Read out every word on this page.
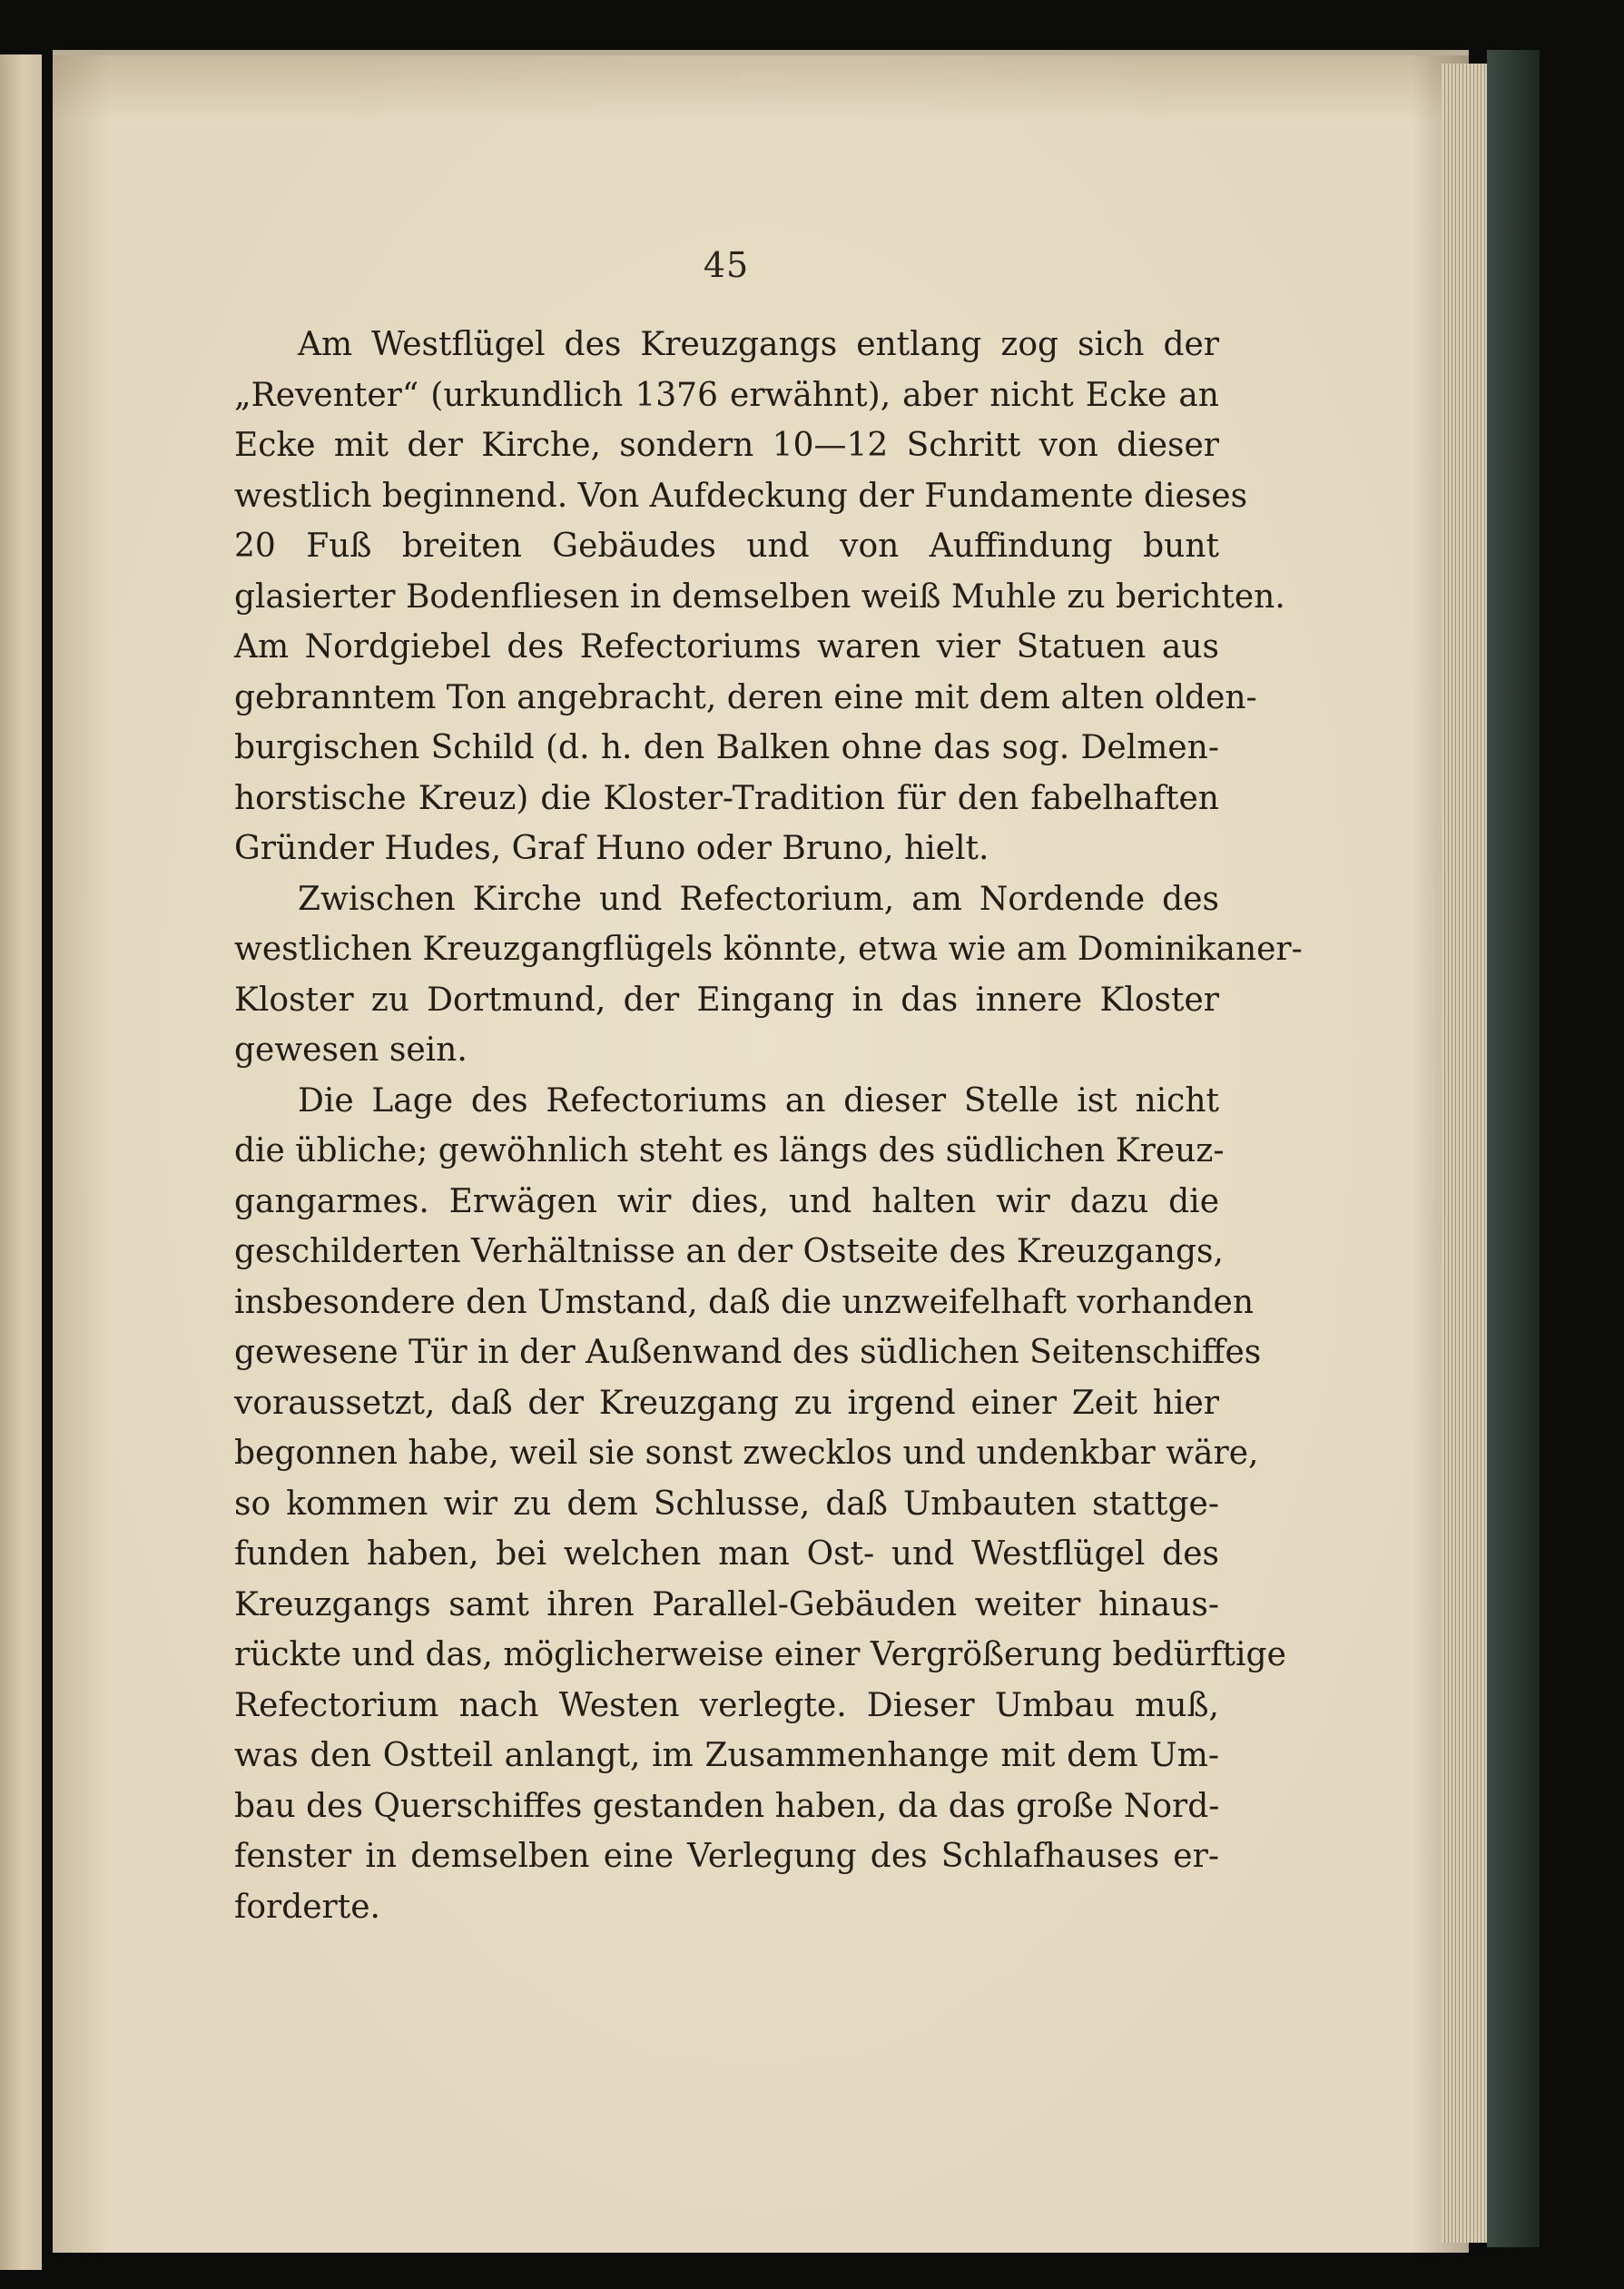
45
Am Westflügel des Kreuzgangs entlang zog sich der
„Reventer“ (urkundlich 1376 erwähnt), aber nicht Ecke an
Ecke mit der Kirche, sondern 10—12 Schritt von dieser
westlich beginnend. Von Aufdeckung der Fundamente dieses
20 Fuß breiten Gebäudes und von Auffindung bunt
glasierter Bodenfliesen in demselben weiß Muhle zu berichten.
Am Nordgiebel des Refectoriums waren vier Statuen aus
gebranntem Ton angebracht, deren eine mit dem alten olden-
burgischen Schild (d. h. den Balken ohne das sog. Delmen-
horstische Kreuz) die Kloster-Tradition für den fabelhaften
Gründer Hudes, Graf Huno oder Bruno, hielt.
Zwischen Kirche und Refectorium, am Nordende des
westlichen Kreuzgangflügels könnte, etwa wie am Dominikaner-
Kloster zu Dortmund, der Eingang in das innere Kloster
gewesen sein.
Die Lage des Refectoriums an dieser Stelle ist nicht
die übliche; gewöhnlich steht es längs des südlichen Kreuz-
gangarmes. Erwägen wir dies, und halten wir dazu die
geschilderten Verhältnisse an der Ostseite des Kreuzgangs,
insbesondere den Umstand, daß die unzweifelhaft vorhanden
gewesene Tür in der Außenwand des südlichen Seitenschiffes
voraussetzt, daß der Kreuzgang zu irgend einer Zeit hier
begonnen habe, weil sie sonst zwecklos und undenkbar wäre,
so kommen wir zu dem Schlusse, daß Umbauten stattge-
funden haben, bei welchen man Ost- und Westflügel des
Kreuzgangs samt ihren Parallel-Gebäuden weiter hinaus-
rückte und das, möglicherweise einer Vergrößerung bedürftige
Refectorium nach Westen verlegte. Dieser Umbau muß,
was den Ostteil anlangt, im Zusammenhange mit dem Um-
bau des Querschiffes gestanden haben, da das große Nord-
fenster in demselben eine Verlegung des Schlafhauses er-
forderte.
